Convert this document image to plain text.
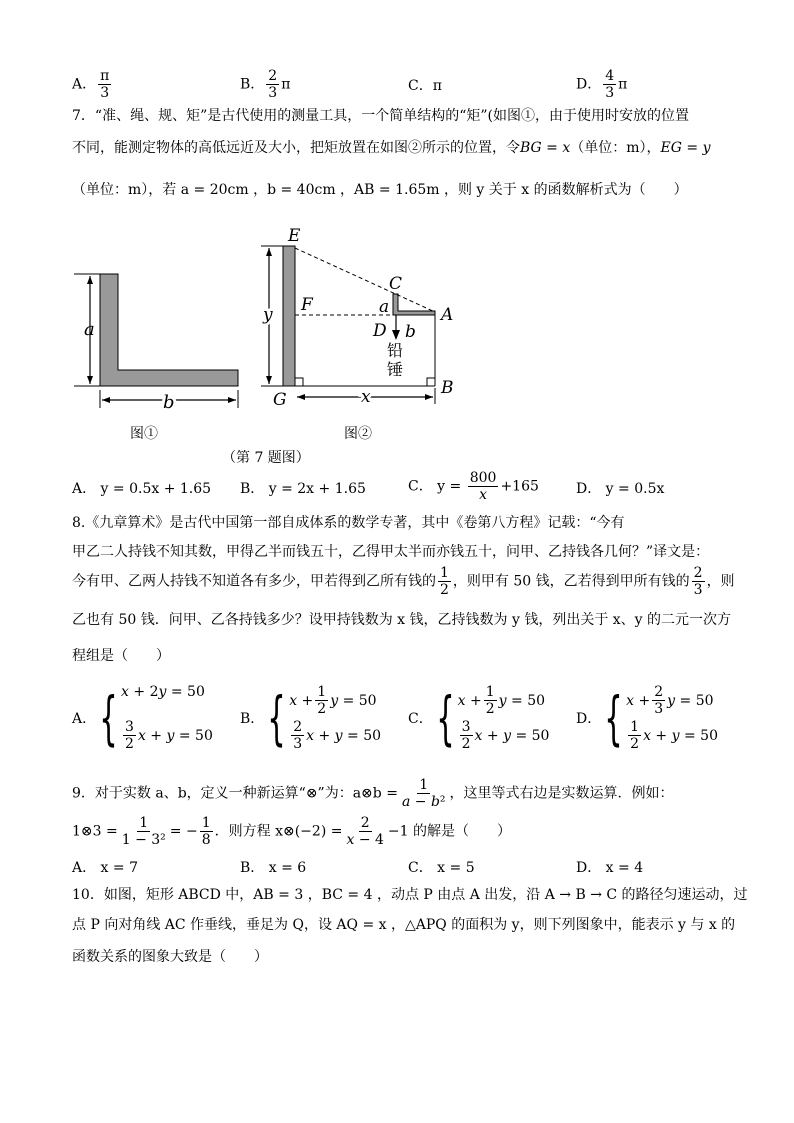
A． $\frac{\pi}{3}$	B． $\frac{2}{3}$ π	C．π	D． $\frac{4}{3}$ π
7．“准、绳、规、矩”是古代使用的测量工具，一个简单结构的“矩”(如图①，由于使用时安放的位置
不同，能测定物体的高低远近及大小，把矩放置在如图②所示的位置，令BG = x（单位：m），EG = y
（单位：m），若 a = 20cm ，b = 40cm ，AB = 1.65m ，则 y 关于 x 的函数解析式为（　　）
a
b
图①
E
C
F	a	A
D b
y
B
G	x
铅
锤
图②
（第 7 题图）
A． y = 0.5x + 1.65 B． y = 2x + 1.65	C． $y = \frac{800}{x} +165$	D． y = 0.5x
8.《九章算术》是古代中国第一部自成体系的数学专著，其中《卷第八方程》记载：“今有
甲乙二人持钱不知其数，甲得乙半而钱五十，乙得甲太半而亦钱五十，问甲、乙持钱各几何？”译文是：
今有甲、乙两人持钱不知道各有多少，甲若得到乙所有钱的 $\frac{1}{2}$ ，则甲有 50 钱，乙若得到甲所有钱的 $\frac{2}{3}$ ，则
乙也有 50 钱．问甲、乙各持钱多少？设甲持钱数为 x 钱，乙持钱数为 y 钱，列出关于 x、y 的二元一次方
程组是（　　）
A． { x + 2 y = 50
$\frac{3}{2}$ x + y = 50
B． { $x + \frac{1}{2}$ y = 50
$\frac{2}{3}$ x + y = 50
C． { $x + \frac{1}{2}$ y = 50
$\frac{3}{2}$ x + y = 50
D． { $x + \frac{2}{3}$ y = 50
$\frac{1}{2}$ x + y = 50
9．对于实数 a、b，定义一种新运算“⊗”为：a⊗b = $\frac{1}{\text{a − b²}}$ ，这里等式右边是实数运算．例如：
1⊗3 = $\frac{1}{\text{1 − 3²}}$ = − $\frac{1}{8}$ ．则方程 x⊗(−2) = $\frac{2}{x - 4} -1$ 的解是（　　）
A． x = 7	B． x = 6	C． x = 5	D． x = 4
10．如图，矩形 ABCD 中，AB = 3 ，BC = 4 ，动点 P 由点 A 出发，沿 A → B → C 的路径匀速运动，过
点 P 向对角线 AC 作垂线，垂足为 Q，设 AQ = x ，△APQ 的面积为 y，则下列图象中，能表示 y 与 x 的
函数关系的图象大致是（　　）
